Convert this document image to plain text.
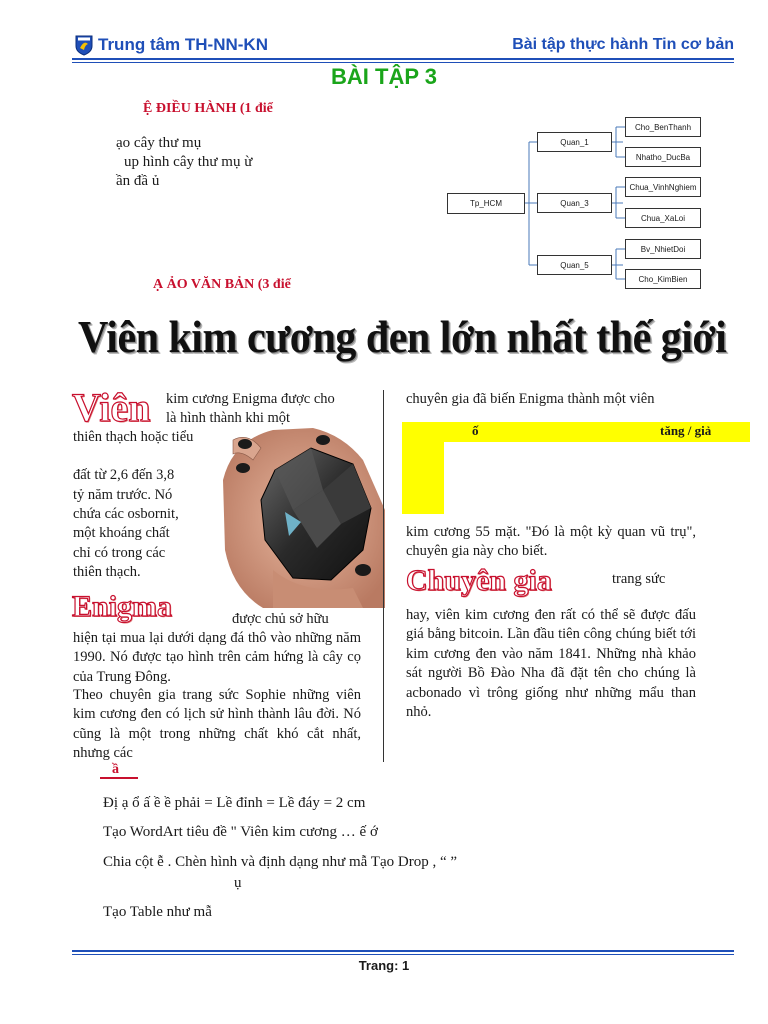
Trung tâm TH-NN-KN	Bài tập thực hành Tin cơ bản
BÀI TẬP 3
Ệ ĐIỀU HÀNH (1 điể
ạo cây thư mụ
up hình cây thư mụ ừ
ần đầ ủ
Tp_HCM
Quan_1
Quan_3
Quan_5
Cho_BenThanh
Nhatho_DucBa
Chua_VinhNghiem
Chua_XaLoi
Bv_NhietDoi
Cho_KimBien
Ạ ẢO VĂN BẢN (3 điể
Viên kim cương đen lớn nhất thế giới
Viên kim cương Enigma được cho
là hình thành khi một
thiên thạch hoặc tiểu
đất từ 2,6 đến 3,8
tỷ năm trước. Nó
chứa các osbornit,
một khoáng chất
chỉ có trong các
thiên thạch.
Enigma	được chủ sở hữu
hiện tại mua lại dưới dạng đá thô vào những năm 1990. Nó được tạo hình trên cảm hứng là cây cọ của Trung Đông.
Theo chuyên gia trang sức Sophie những viên kim cương đen có lịch sử hình thành lâu đời. Nó cũng là một trong những chất khó cắt nhất, nhưng các
chuyên gia đã biến Enigma thành một viên
ố	tăng / giả
kim cương 55 mặt. "Đó là một kỳ quan vũ trụ", chuyên gia này cho biết.
Chuyên gia	trang sức
hay, viên kim cương đen rất có thể sẽ được đấu giá bằng bitcoin. Lần đầu tiên công chúng biết tới kim cương đen vào năm 1841. Những nhà khảo sát người Bồ Đào Nha đã đặt tên cho chúng là acbonado vì trông giống như những mẩu than nhỏ.
ầ
Đị ạ ổ ấ ề ề phải = Lề đỉnh = Lề đáy = 2 cm
Tạo WordArt tiêu đề " Viên kim cương … ế ớ
Chia cột ễ . Chèn hình và định dạng như mẫ Tạo Drop , “ ”
ụ
Tạo Table như mẫ
Trang: 1
